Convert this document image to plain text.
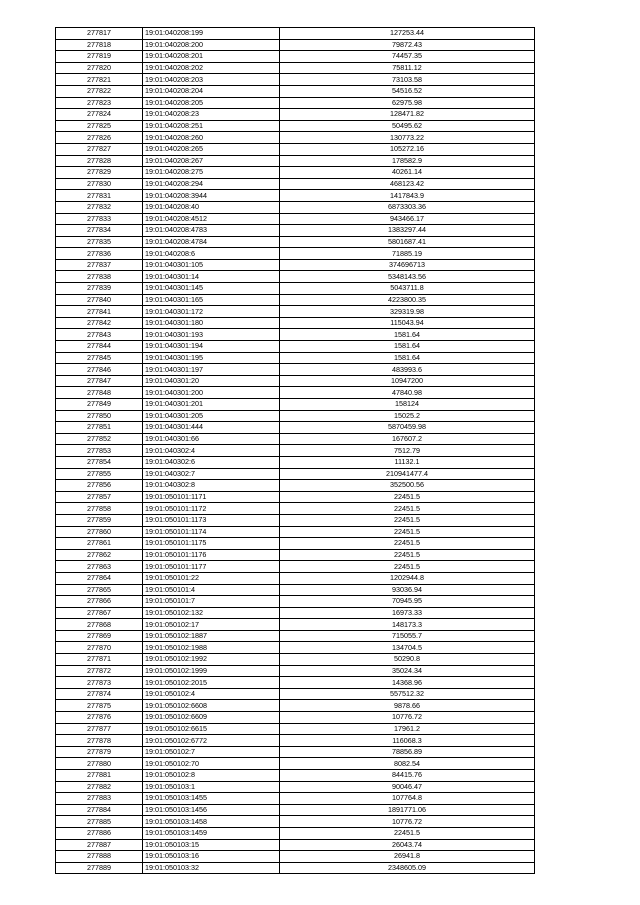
277817	19:01:040208:199	127253.44
277818	19:01:040208:200	79872.43
277819	19:01:040208:201	74457.35
277820	19:01:040208:202	75811.12
277821	19:01:040208:203	73103.58
277822	19:01:040208:204	54516.52
277823	19:01:040208:205	62975.98
277824	19:01:040208:23	128471.82
277825	19:01:040208:251	50495.62
277826	19:01:040208:260	130773.22
277827	19:01:040208:265	105272.16
277828	19:01:040208:267	178582.9
277829	19:01:040208:275	40261.14
277830	19:01:040208:294	468123.42
277831	19:01:040208:3944	1417843.9
277832	19:01:040208:40	6873303.36
277833	19:01:040208:4512	943466.17
277834	19:01:040208:4783	1383297.44
277835	19:01:040208:4784	5801687.41
277836	19:01:040208:6	71885.19
277837	19:01:040301:105	374696713
277838	19:01:040301:14	5348143.56
277839	19:01:040301:145	5043711.8
277840	19:01:040301:165	4223800.35
277841	19:01:040301:172	329319.98
277842	19:01:040301:180	115043.94
277843	19:01:040301:193	1581.64
277844	19:01:040301:194	1581.64
277845	19:01:040301:195	1581.64
277846	19:01:040301:197	483993.6
277847	19:01:040301:20	10947200
277848	19:01:040301:200	47840.98
277849	19:01:040301:201	158124
277850	19:01:040301:205	15025.2
277851	19:01:040301:444	5870459.98
277852	19:01:040301:66	167607.2
277853	19:01:040302:4	7512.79
277854	19:01:040302:6	11132.1
277855	19:01:040302:7	210941477.4
277856	19:01:040302:8	352500.56
277857	19:01:050101:1171	22451.5
277858	19:01:050101:1172	22451.5
277859	19:01:050101:1173	22451.5
277860	19:01:050101:1174	22451.5
277861	19:01:050101:1175	22451.5
277862	19:01:050101:1176	22451.5
277863	19:01:050101:1177	22451.5
277864	19:01:050101:22	1202944.8
277865	19:01:050101:4	93036.94
277866	19:01:050101:7	70945.95
277867	19:01:050102:132	16973.33
277868	19:01:050102:17	148173.3
277869	19:01:050102:1887	715055.7
277870	19:01:050102:1988	134704.5
277871	19:01:050102:1992	50290.8
277872	19:01:050102:1999	35024.34
277873	19:01:050102:2015	14368.96
277874	19:01:050102:4	557512.32
277875	19:01:050102:6608	9878.66
277876	19:01:050102:6609	10776.72
277877	19:01:050102:6615	17961.2
277878	19:01:050102:6772	116068.3
277879	19:01:050102:7	78856.89
277880	19:01:050102:70	8082.54
277881	19:01:050102:8	84415.76
277882	19:01:050103:1	90046.47
277883	19:01:050103:1455	107764.8
277884	19:01:050103:1456	1891771.06
277885	19:01:050103:1458	10776.72
277886	19:01:050103:1459	22451.5
277887	19:01:050103:15	26043.74
277888	19:01:050103:16	26941.8
277889	19:01:050103:32	2348605.09
